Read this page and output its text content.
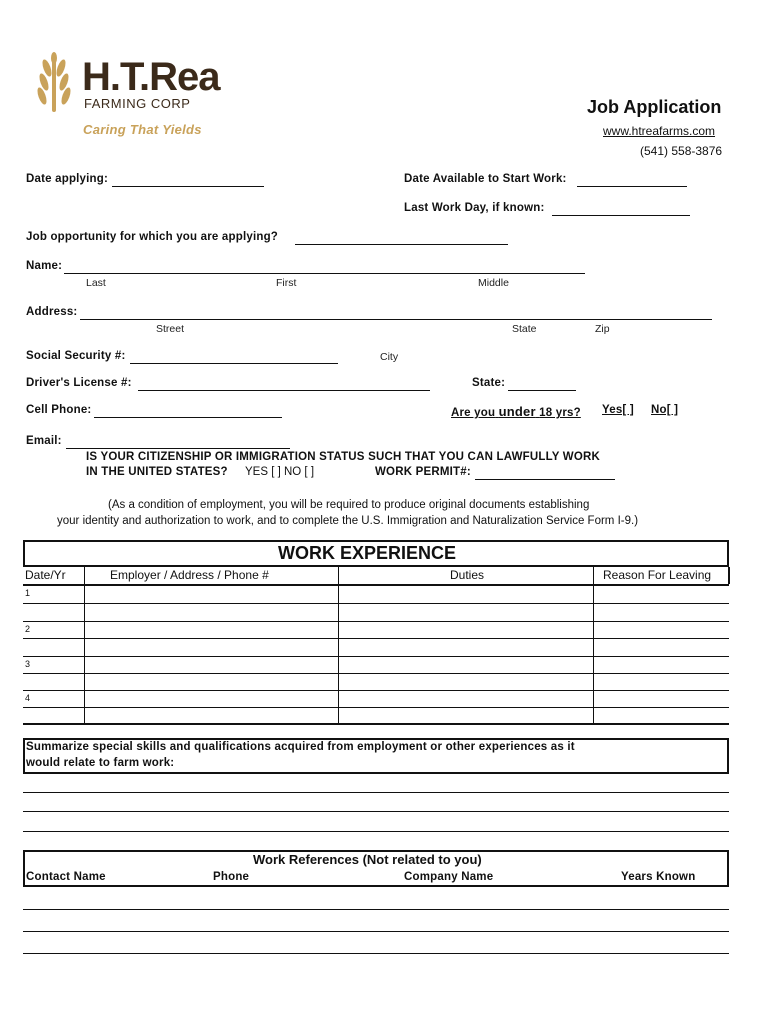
H.T.Rea
FARMING CORP
Caring That Yields
Job Application
www.htreafarms.com
(541) 558-3876
Date applying:	Date Available to Start Work:
Last Work Day, if known:
Job opportunity for which you are applying?
Name:
Last	First	Middle
Address:
Street	State	Zip
Social Security #:	City
Driver's License #:	State:
Cell Phone:	Are you under 18 yrs? Yes[ ] No[ ]
Email:
IS YOUR CITIZENSHIP OR IMMIGRATION STATUS SUCH THAT YOU CAN LAWFULLY WORK
IN THE UNITED STATES? YES [ ] NO [ ]	WORK PERMIT#:
(As a condition of employment, you will be required to produce original documents establishing
your identity and authorization to work, and to complete the U.S. Immigration and Naturalization Service Form I-9.)
WORK EXPERIENCE
Date/Yr	Employer / Address / Phone #	Duties	Reason For Leaving
1
2
3
4
Summarize special skills and qualifications acquired from employment or other experiences as it
would relate to farm work:
Work References (Not related to you)
Contact Name	Phone	Company Name	Years Known
